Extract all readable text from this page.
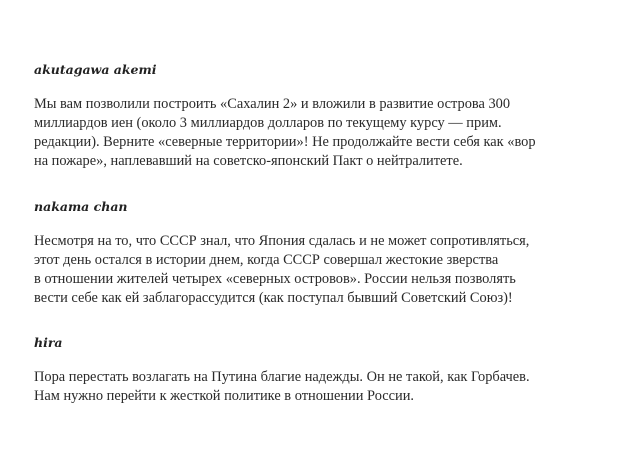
akutagawa akemi

Мы вам позволили построить «Сахалин 2» и вложили в развитие острова 300
миллиардов иен (около 3 миллиардов долларов по текущему курсу — прим.
редакции). Верните «северные территории»! Не продолжайте вести себя как «вор
на пожаре», наплевавший на советско-японский Пакт о нейтралитете.

nakama chan

Несмотря на то, что СССР знал, что Япония сдалась и не может сопротивляться,
этот день остался в истории днем, когда СССР совершал жестокие зверства
в отношении жителей четырех «северных островов». России нельзя позволять
вести себе как ей заблагорассудится (как поступал бывший Советский Союз)!

hira

Пора перестать возлагать на Путина благие надежды. Он не такой, как Горбачев.
Нам нужно перейти к жесткой политике в отношении России.
